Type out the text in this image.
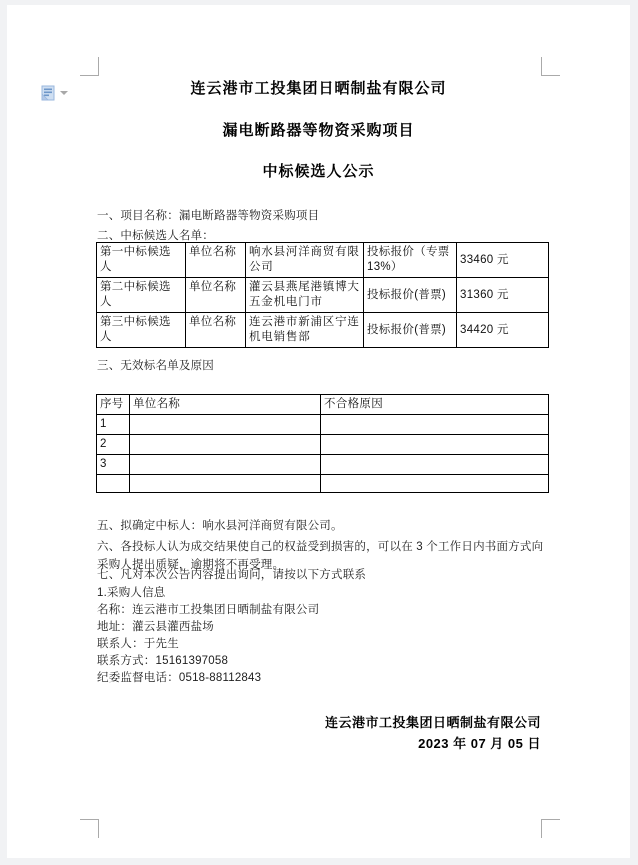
连云港市工投集团日晒制盐有限公司
漏电断路器等物资采购项目
中标候选人公示
一、项目名称：漏电断路器等物资采购项目
二、中标候选人名单：
第一中标候选人	单位名称	响水县河洋商贸有限公司	投标报价（专票13%）	33460 元
第二中标候选人	单位名称	灌云县燕尾港镇博大五金机电门市	投标报价(普票)	31360 元
第三中标候选人	单位名称	连云港市新浦区宁连机电销售部	投标报价(普票)	34420 元
三、无效标名单及原因
序号	单位名称	不合格原因
1		
2		
3		

五、拟确定中标人：响水县河洋商贸有限公司。
六、各投标人认为成交结果使自己的权益受到损害的，可以在 3 个工作日内书面方式向采购人提出质疑，逾期将不再受理。
七、凡对本次公告内容提出询问，请按以下方式联系
1.采购人信息
名称：连云港市工投集团日晒制盐有限公司
地址：灌云县灌西盐场
联系人：于先生
联系方式：15161397058
纪委监督电话：0518-88112843
连云港市工投集团日晒制盐有限公司
2023 年 07 月 05 日
